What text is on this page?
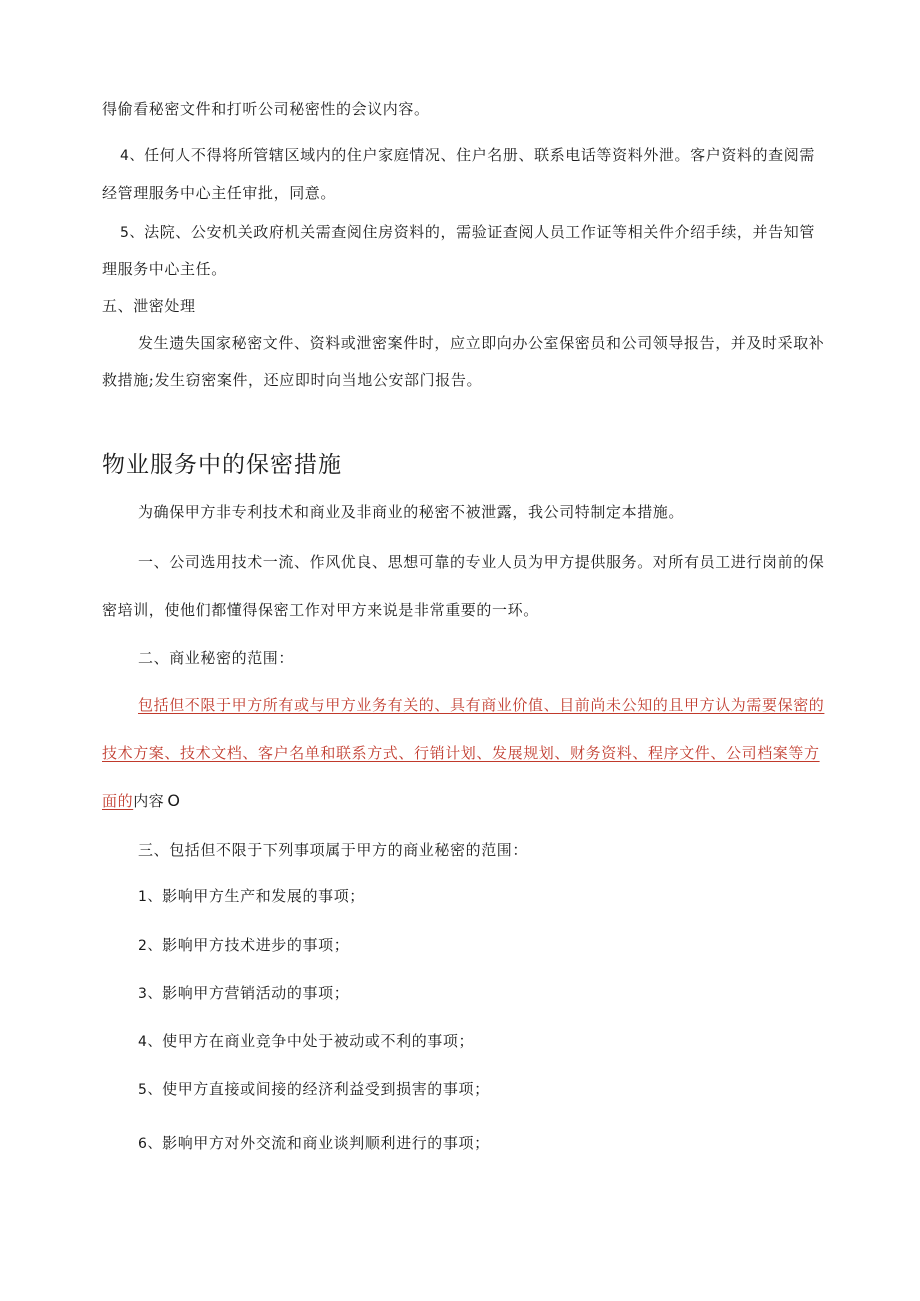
得偷看秘密文件和打听公司秘密性的会议内容。
4、任何人不得将所管辖区域内的住户家庭情况、住户名册、联系电话等资料外泄。客户资料的查阅需
经管理服务中心主任审批，同意。
5、法院、公安机关政府机关需查阅住房资料的，需验证查阅人员工作证等相关件介绍手续，并告知管
理服务中心主任。
五、泄密处理
发生遗失国家秘密文件、资料或泄密案件时，应立即向办公室保密员和公司领导报告，并及时采取补
救措施;发生窃密案件，还应即时向当地公安部门报告。
物业服务中的保密措施
为确保甲方非专利技术和商业及非商业的秘密不被泄露，我公司特制定本措施。
一、公司选用技术一流、作风优良、思想可靠的专业人员为甲方提供服务。对所有员工进行岗前的保
密培训，使他们都懂得保密工作对甲方来说是非常重要的一环。
二、商业秘密的范围：
包括但不限于甲方所有或与甲方业务有关的、具有商业价值、目前尚未公知的且甲方认为需要保密的
技术方案、技术文档、客户名单和联系方式、行销计划、发展规划、财务资料、程序文件、公司档案等方
面的内容 O
三、包括但不限于下列事项属于甲方的商业秘密的范围：
1、影响甲方生产和发展的事项；
2、影响甲方技术进步的事项；
3、影响甲方营销活动的事项；
4、使甲方在商业竞争中处于被动或不利的事项；
5、使甲方直接或间接的经济利益受到损害的事项；
6、影响甲方对外交流和商业谈判顺利进行的事项；
